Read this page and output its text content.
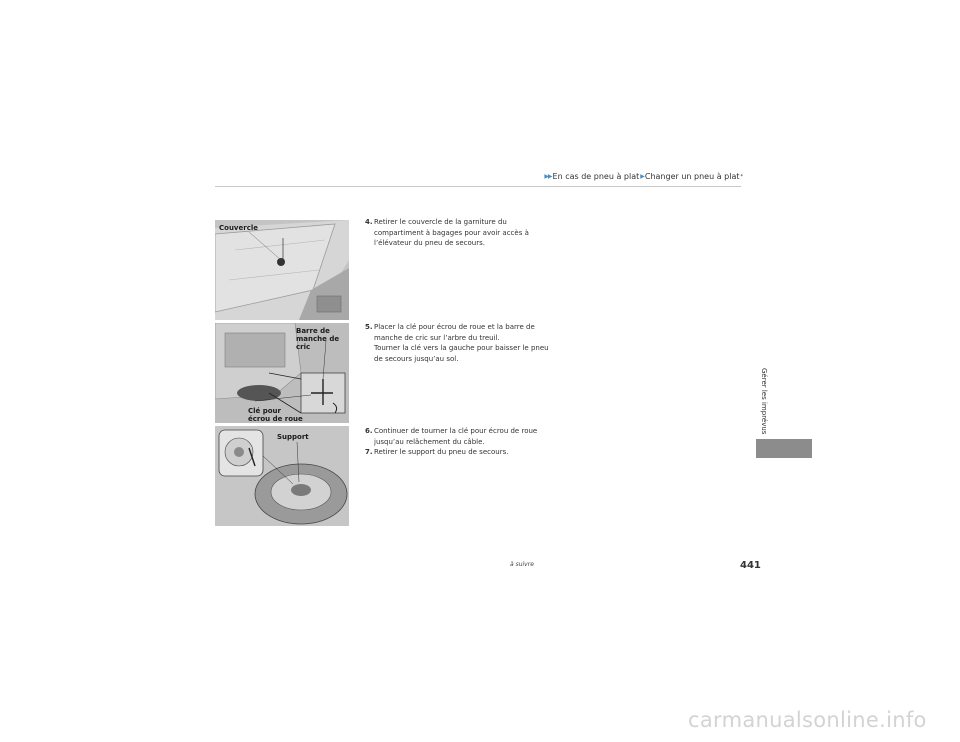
▶▶ En cas de pneu à plat ▶ Changer un pneu à plat *
Couvercle
Barre de
manche de cric
Clé pour
écrou de roue
Support
4. Retirer le couvercle de la garniture du compartiment à bagages pour avoir accès à l’élévateur du pneu de secours.

5. Placer la clé pour écrou de roue et la barre de manche de cric sur l’arbre du treuil.

Tourner la clé vers la gauche pour baisser le pneu de secours jusqu’au sol.

6. Continuer de tourner la clé pour écrou de roue jusqu’au relâchement du câble.

7. Retirer le support du pneu de secours.

Gérer les imprévus
à suivre	441
carmanualsonline.info
